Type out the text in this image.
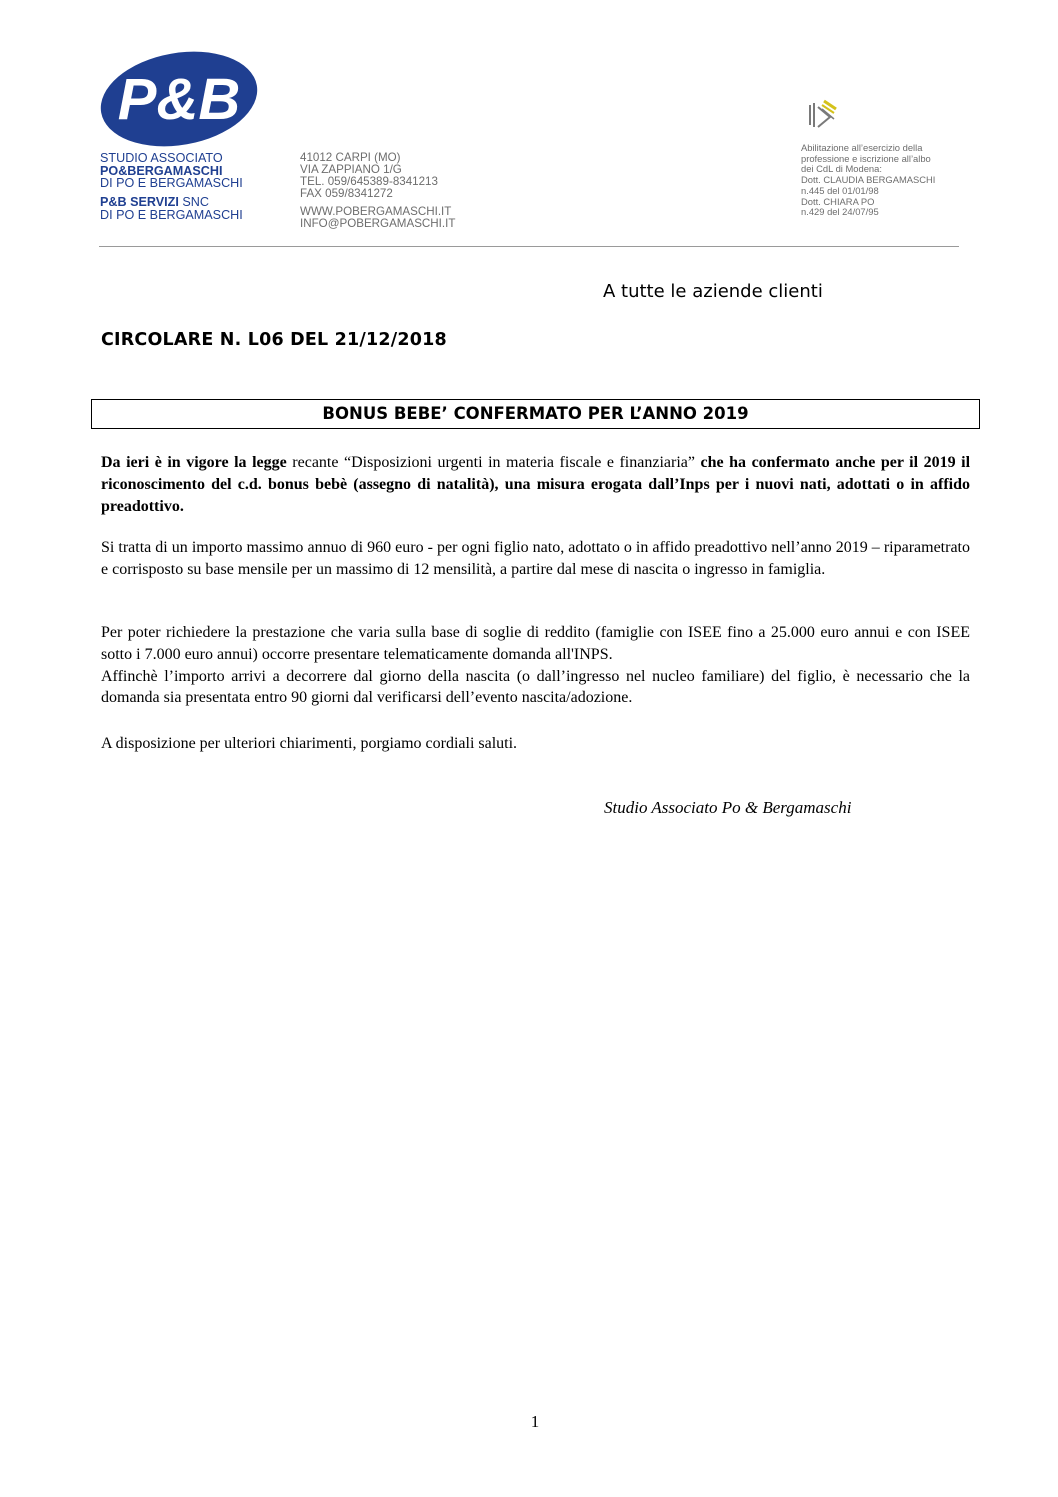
P&B
STUDIO ASSOCIATO
PO&BERGAMASCHI
DI PO E BERGAMASCHI
P&B SERVIZI SNC
DI PO E BERGAMASCHI
41012 CARPI (MO)
VIA ZAPPIANO 1/G
TEL. 059/645389-8341213
FAX 059/8341272
WWW.POBERGAMASCHI.IT
INFO@POBERGAMASCHI.IT
Abilitazione all’esercizio della
professione e iscrizione all’albo
dei CdL di Modena:
Dott. CLAUDIA BERGAMASCHI
n.445 del 01/01/98
Dott. CHIARA PO
n.429 del 24/07/95
A tutte le aziende clienti
CIRCOLARE N. L06 DEL 21/12/2018
BONUS BEBE’ CONFERMATO PER L’ANNO 2019
Da ieri è in vigore la legge recante “Disposizioni urgenti in materia fiscale e finanziaria” che ha confermato anche per il 2019 il riconoscimento del c.d. bonus bebè (assegno di natalità), una misura erogata dall’Inps per i nuovi nati, adottati o in affido preadottivo.
Si tratta di un importo massimo annuo di 960 euro - per ogni figlio nato, adottato o in affido preadottivo nell’anno 2019 – riparametrato e corrisposto su base mensile per un massimo di 12 mensilità, a partire dal mese di nascita o ingresso in famiglia.
Per poter richiedere la prestazione che varia sulla base di soglie di reddito (famiglie con ISEE fino a 25.000 euro annui e con ISEE sotto i 7.000 euro annui) occorre presentare telematicamente domanda all'INPS.
Affinchè l’importo arrivi a decorrere dal giorno della nascita (o dall’ingresso nel nucleo familiare) del figlio, è necessario che la domanda sia presentata entro 90 giorni dal verificarsi dell’evento nascita/adozione.
A disposizione per ulteriori chiarimenti, porgiamo cordiali saluti.
Studio Associato Po & Bergamaschi
1
